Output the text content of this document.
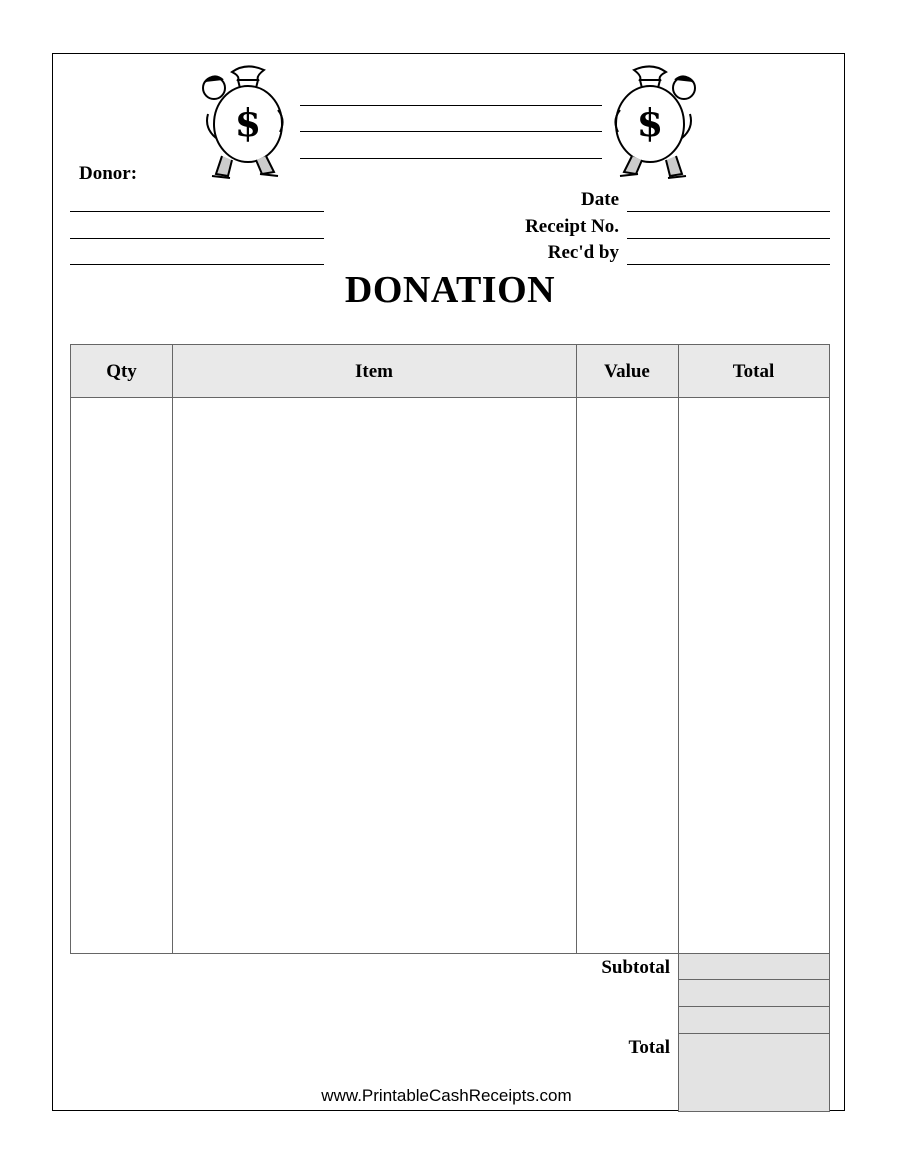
$	$
Donor:
Date
Receipt No.
Rec'd by
DONATION
Qty	Item	Value	Total
Subtotal
Total
www.PrintableCashReceipts.com
